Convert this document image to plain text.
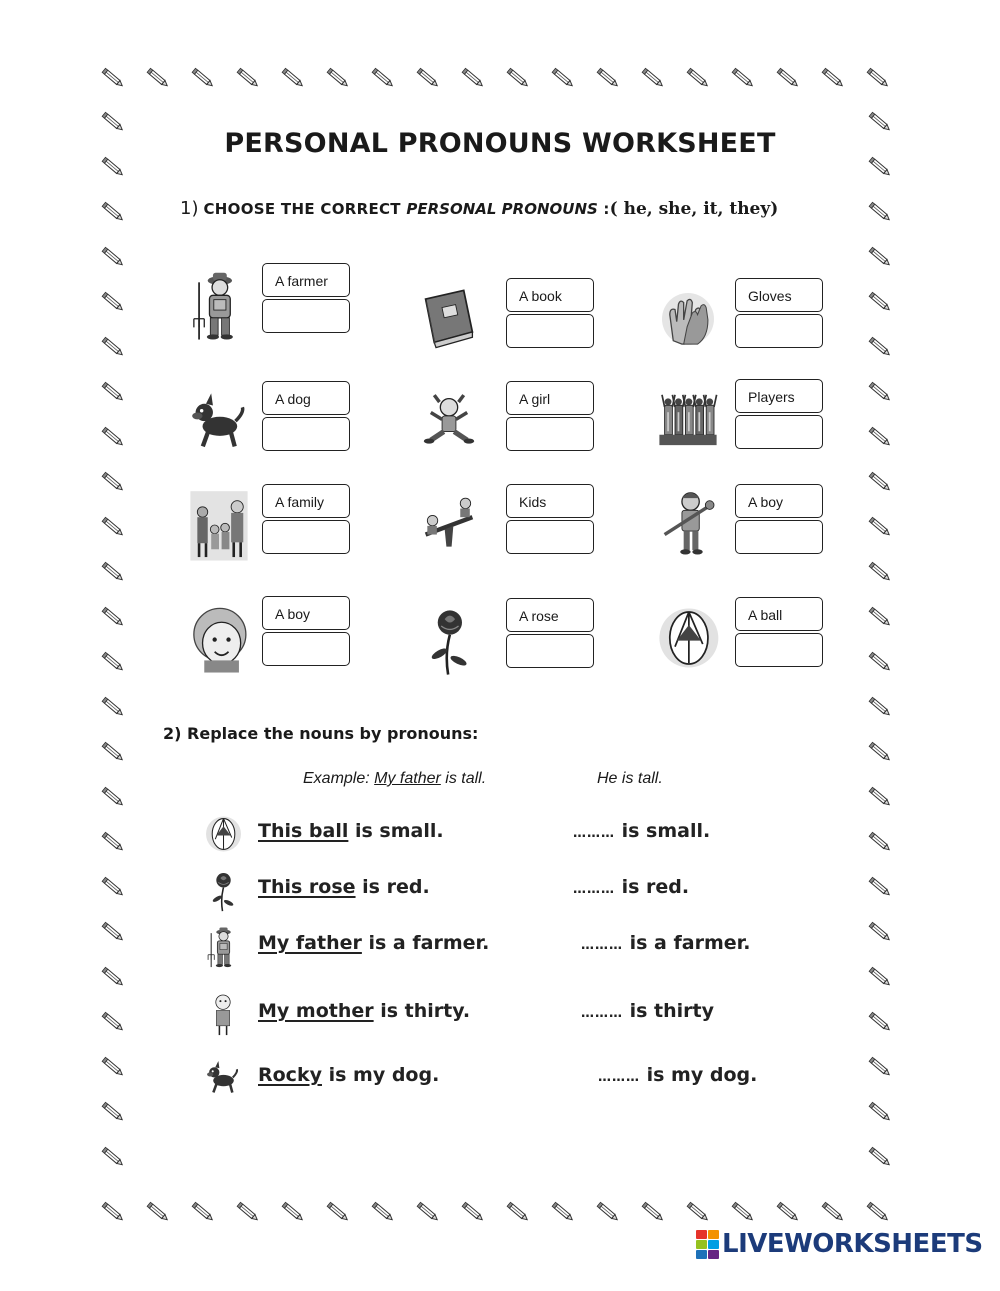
PERSONAL PRONOUNS WORKSHEET
1) CHOOSE THE CORRECT PERSONAL PRONOUNS :( he, she, it, they)
A farmer
A book	Gloves
A dog	A girl	Players
A family	Kids	A boy
A boy	A rose	A ball
2) Replace the nouns by pronouns:
Example: My father is tall.	He is tall.
This ball is small.	……… is small.
This rose is red.	……… is red.
My father is a farmer.	……… is a farmer.
My mother is thirty.	……… is thirty
Rocky is my dog.	……… is my dog.
LIVEWORKSHEETS
